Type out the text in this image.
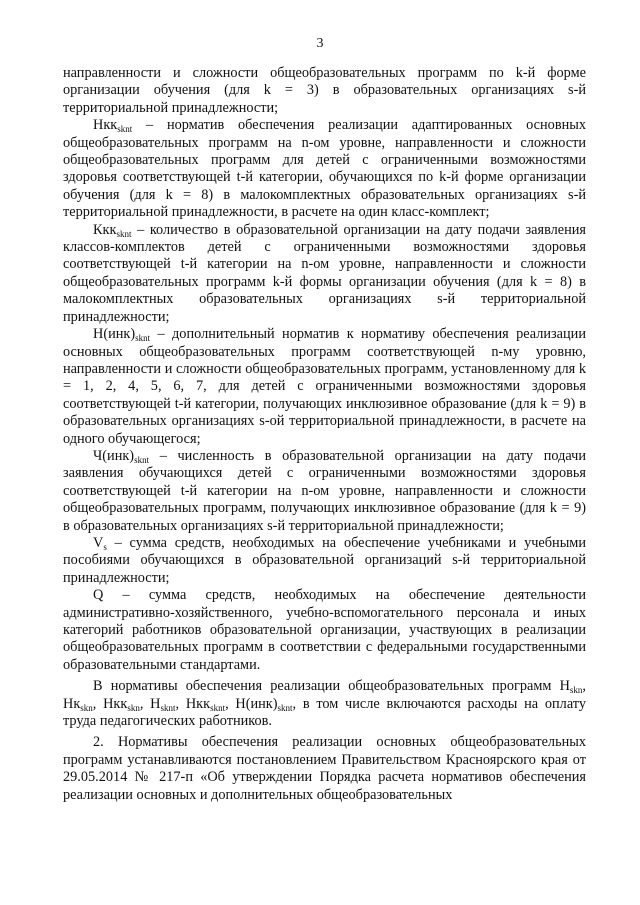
3

направленности и сложности общеобразовательных программ по k-й форме организации обучения (для k = 3) в образовательных организациях s-й территориальной принадлежности;

Нкк$_{sknt}$ – норматив обеспечения реализации адаптированных основных общеобразовательных программ на n-ом уровне, направленности и сложности общеобразовательных программ для детей с ограниченными возможностями здоровья соответствующей t-й категории, обучающихся по k-й форме организации обучения (для k = 8) в малокомплектных образовательных организациях s-й территориальной принадлежности, в расчете на один класс-комплект;

Ккк$_{sknt}$ – количество в образовательной организации на дату подачи заявления классов-комплектов детей с ограниченными возможностями здоровья соответствующей t-й категории на n-ом уровне, направленности и сложности общеобразовательных программ k-й формы организации обучения (для k = 8) в малокомплектных образовательных организациях s-й территориальной принадлежности;

$Н(инк)_{sknt}$ – дополнительный норматив к нормативу обеспечения реализации основных общеобразовательных программ соответствующей n-му уровню, направленности и сложности общеобразовательных программ, установленному для k = 1, 2, 4, 5, 6, 7, для детей с ограниченными возможностями здоровья соответствующей t-й категории, получающих инклюзивное образование (для k = 9) в образовательных организациях s-ой территориальной принадлежности, в расчете на одного обучающегося;

$Ч(инк)_{sknt}$ – численность в образовательной организации на дату подачи заявления обучающихся детей с ограниченными возможностями здоровья соответствующей t-й категории на n-ом уровне, направленности и сложности общеобразовательных программ, получающих инклюзивное образование (для k = 9) в образовательных организациях s-й территориальной принадлежности;

$V_s$ – сумма средств, необходимых на обеспечение учебниками и учебными пособиями обучающихся в образовательной организаций s-й территориальной принадлежности;

Q – сумма средств, необходимых на обеспечение деятельности административно-хозяйственного, учебно-вспомогательного персонала и иных категорий работников образовательной организации, участвующих в реализации общеобразовательных программ в соответствии с федеральными государственными образовательными стандартами.

В нормативы обеспечения реализации общеобразовательных программ $Н_{skn}$, $Нк_{skn}$, Нкк$_{skn}$, $Н_{sknt}$, Нкк$_{sknt}$, $Н(инк)_{sknt}$, в том числе включаются расходы на оплату труда педагогических работников.

2. Нормативы обеспечения реализации основных общеобразовательных программ устанавливаются постановлением Правительством Красноярского края от 29.05.2014 № 217-п «Об утверждении Порядка расчета нормативов обеспечения реализации основных и дополнительных общеобразовательных
